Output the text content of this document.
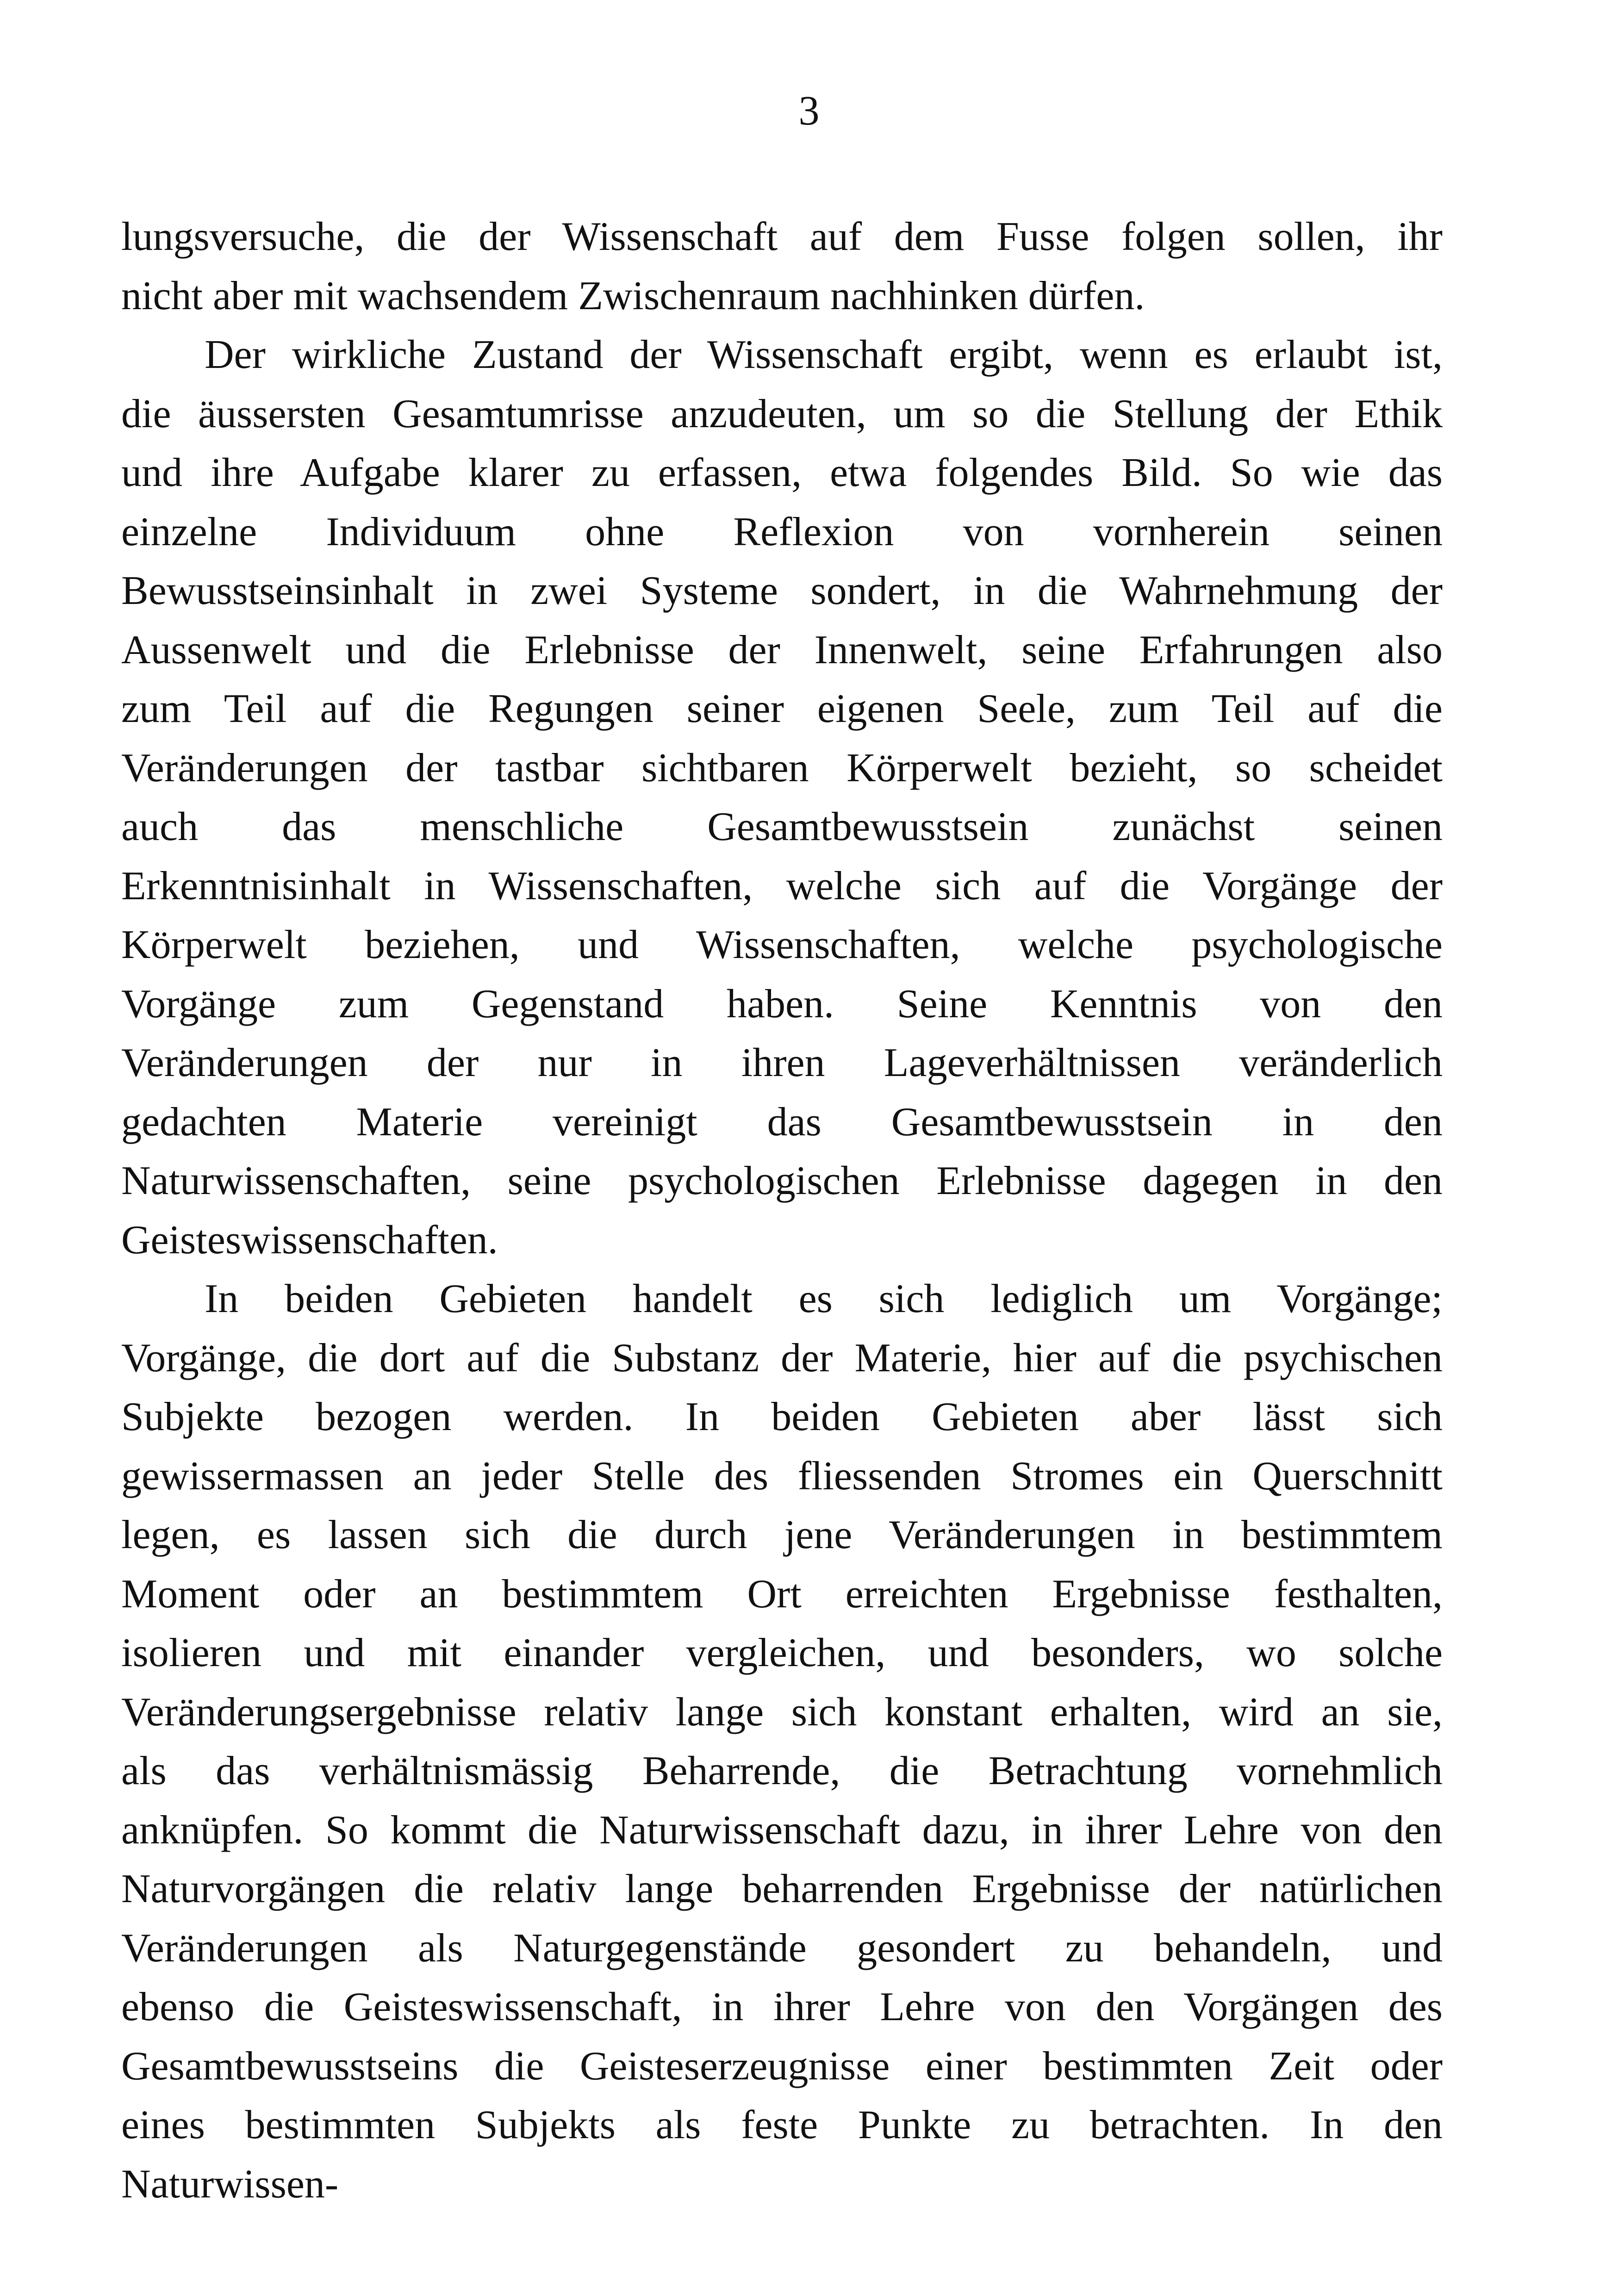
3
lungsversuche, die der Wissenschaft auf dem Fusse folgen sollen, ihr
nicht aber mit wachsendem Zwischenraum nachhinken dürfen.
Der wirkliche Zustand der Wissenschaft ergibt, wenn es erlaubt ist,
die äussersten Gesamtumrisse anzudeuten, um so die Stellung der Ethik
und ihre Aufgabe klarer zu erfassen, etwa folgendes Bild. So wie das
einzelne Individuum ohne Reflexion von vornherein seinen
Bewusstseinsinhalt in zwei Systeme sondert, in die Wahrnehmung der
Aussenwelt und die Erlebnisse der Innenwelt, seine Erfahrungen also
zum Teil auf die Regungen seiner eigenen Seele, zum Teil auf die
Veränderungen der tastbar sichtbaren Körperwelt bezieht, so scheidet
auch das menschliche Gesamtbewusstsein zunächst seinen
Erkenntnisinhalt in Wissenschaften, welche sich auf die Vorgänge der
Körperwelt beziehen, und Wissenschaften, welche psychologische
Vorgänge zum Gegenstand haben. Seine Kenntnis von den
Veränderungen der nur in ihren Lageverhältnissen veränderlich
gedachten Materie vereinigt das Gesamtbewusstsein in den
Naturwissenschaften, seine psychologischen Erlebnisse dagegen in den
Geisteswissenschaften.
In beiden Gebieten handelt es sich lediglich um Vorgänge;
Vorgänge, die dort auf die Substanz der Materie, hier auf die psychischen
Subjekte bezogen werden. In beiden Gebieten aber lässt sich
gewissermassen an jeder Stelle des fliessenden Stromes ein Querschnitt
legen, es lassen sich die durch jene Veränderungen in bestimmtem
Moment oder an bestimmtem Ort erreichten Ergebnisse festhalten,
isolieren und mit einander vergleichen, und besonders, wo solche
Veränderungsergebnisse relativ lange sich konstant erhalten, wird an sie,
als das verhältnismässig Beharrende, die Betrachtung vornehmlich
anknüpfen. So kommt die Naturwissenschaft dazu, in ihrer Lehre von den
Naturvorgängen die relativ lange beharrenden Ergebnisse der natürlichen
Veränderungen als Naturgegenstände gesondert zu behandeln, und
ebenso die Geisteswissenschaft, in ihrer Lehre von den Vorgängen des
Gesamtbewusstseins die Geisteserzeugnisse einer bestimmten Zeit oder
eines bestimmten Subjekts als feste Punkte zu betrachten. In den
Naturwissen-
